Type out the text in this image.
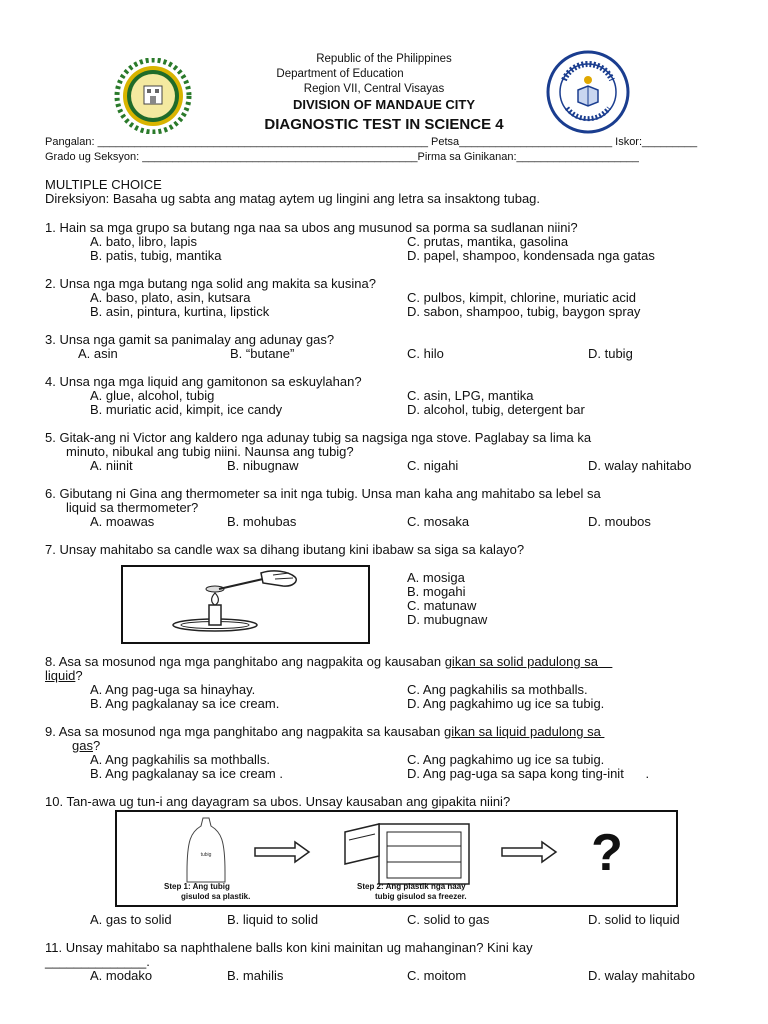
Republic of the Philippines
Department of Education
Region VII, Central Visayas
DIVISION OF MANDAUE CITY
DIAGNOSTIC TEST IN SCIENCE 4
Pangalan: ______________________________________________________ Petsa_________________________ Iskor:_________
Grado ug Seksyon: _____________________________________________Pirma sa Ginikanan:____________________
MULTIPLE CHOICE
Direksiyon: Basaha ug sabta ang matag aytem ug lingini ang letra sa insaktong tubag.
1. Hain sa mga grupo sa butang nga naa sa ubos ang musunod sa porma sa sudlanan niini?
A. bato, libro, lapis
B. patis, tubig, mantika
C. prutas, mantika, gasolina
D. papel, shampoo, kondensada nga gatas
2. Unsa nga mga butang nga solid ang makita sa kusina?
A. baso, plato, asin, kutsara
B. asin, pintura, kurtina, lipstick
C. pulbos, kimpit, chlorine, muriatic acid
D. sabon, shampoo, tubig, baygon spray
3. Unsa nga gamit sa panimalay ang adunay gas?
A. asin	B. “butane”	C. hilo	D. tubig
4. Unsa nga mga liquid ang gamitonon sa eskuylahan?
A. glue, alcohol, tubig
B. muriatic acid, kimpit, ice candy
C. asin, LPG, mantika
D. alcohol, tubig, detergent bar
5. Gitak-ang ni Victor ang kaldero nga adunay tubig sa nagsiga nga stove. Paglabay sa lima ka
minuto, nibukal ang tubig niini. Naunsa ang tubig?
A. niinit	B. nibugnaw	C. nigahi	D. walay nahitabo
6. Gibutang ni Gina ang thermometer sa init nga tubig. Unsa man kaha ang mahitabo sa lebel sa
liquid sa thermometer?
A. moawas	B. mohubas	C. mosaka	D. moubos
7. Unsay mahitabo sa candle wax sa dihang ibutang kini ibabaw sa siga sa kalayo?
A. mosiga
B. mogahi
C. matunaw
D. mubugnaw
8. Asa sa mosunod nga mga panghitabo ang nagpakita og kausaban gikan sa solid padulong sa
liquid?
A. Ang pag-uga sa hinayhay.
B. Ang pagkalanay sa ice cream.
C. Ang pagkahilis sa mothballs.
D. Ang pagkahimo ug ice sa tubig.
9. Asa sa mosunod nga mga panghitabo ang nagpakita sa kausaban gikan sa liquid padulong sa
gas?
A. Ang pagkahilis sa mothballs.
B. Ang pagkalanay sa ice cream .
C. Ang pagkahimo ug ice sa tubig.
D. Ang pag-uga sa sapa kong ting-init      .
10. Tan-awa ug tun-i ang dayagram sa ubos. Unsay kausaban ang gipakita niini?
tubig
Step 1: Ang tubig
gisulod sa plastik.
Step 2: Ang plastik nga naay
tubig gisulod sa freezer.
?
A. gas to solid	B. liquid to solid	C. solid to gas	D. solid to liquid
11. Unsay mahitabo sa naphthalene balls kon kini mainitan ug mahanginan? Kini kay
______________.
A. modako	B. mahilis	C. moitom	D. walay mahitabo
